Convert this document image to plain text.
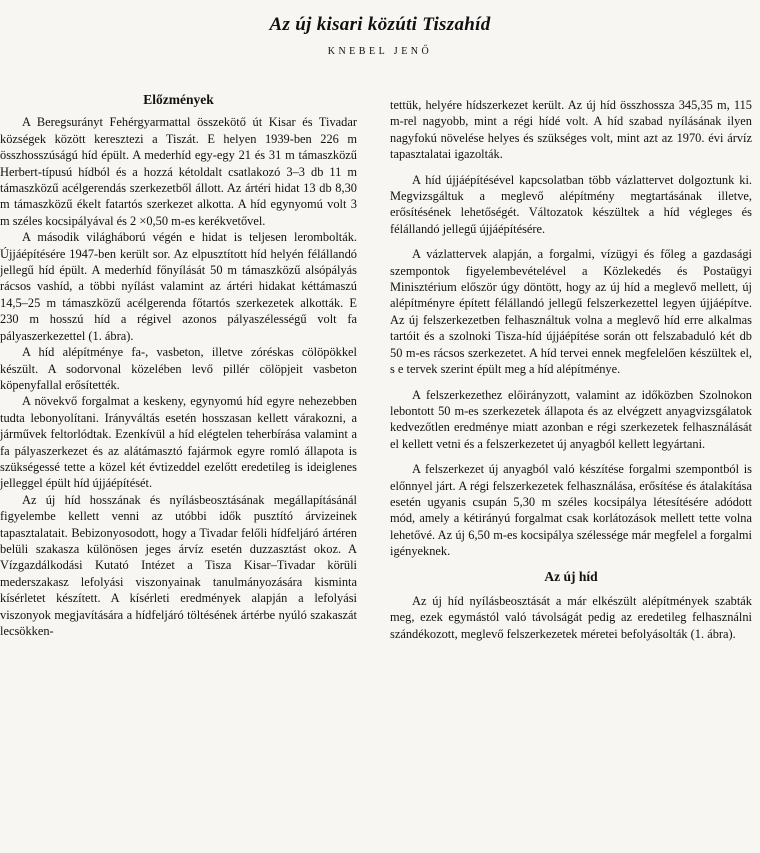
Az új kisari közúti Tiszahíd
KNEBEL JENŐ
Előzmények

A Beregsurányt Fehérgyarmattal összekötő út Kisar és Tivadar községek között keresztezi a Tiszát. E helyen 1939-ben 226 m összhosszúságú híd épült. A mederhíd egy-egy 21 és 31 m támaszközű Herbert-típusú hídból és a hozzá kétoldalt csatlakozó 3–3 db 11 m támaszközű acélgerendás szerkezetből állott. Az ártéri hidat 13 db 8,30 m támaszközű ékelt fatartós szerkezet alkotta. A híd egynyomú volt 3 m széles kocsipályával és 2 ×0,50 m-es kerékvetővel.

A második világháború végén e hidat is teljesen lerombolták. Újjáépítésére 1947-ben került sor. Az elpusztított híd helyén félállandó jellegű híd épült. A mederhíd főnyílását 50 m támaszközű alsópályás rácsos vashíd, a többi nyílást valamint az ártéri hidakat kéttámaszú 14,5–25 m támaszközű acélgerenda főtartós szerkezetek alkották. E 230 m hosszú híd a régivel azonos pályaszélességű volt fa pályaszerkezettel (1. ábra).

A híd alépítménye fa-, vasbeton, illetve zóréskas cölöpökkel készült. A sodorvonal közelében levő pillér cölöpjeit vasbeton köpenyfallal erősítették.

A növekvő forgalmat a keskeny, egynyomú híd egyre nehezebben tudta lebonyolítani. Irányváltás esetén hosszasan kellett várakozni, a járművek feltorlódtak. Ezenkívül a híd elégtelen teherbírása valamint a fa pályaszerkezet és az alátámasztó fajármok egyre romló állapota is szükségessé tette a közel két évtizeddel ezelőtt eredetileg is ideiglenes jelleggel épült híd újjáépítését.

Az új híd hosszának és nyílásbeosztásának megállapításánál figyelembe kellett venni az utóbbi idők pusztító árvizeinek tapasztalatait. Bebizonyosodott, hogy a Tivadar felőli hídfeljáró ártéren belüli szakasza különösen jeges árvíz esetén duzzasztást okoz. A Vízgazdálkodási Kutató Intézet a Tisza Kisar–Tivadar körüli mederszakasz lefolyási viszonyainak tanulmányozására kisminta kísérletet készített. A kísérleti eredmények alapján a lefolyási viszonyok megjavítására a hídfeljáró töltésének ártérbe nyúló szakaszát lecsökken-

tettük, helyére hídszerkezet került. Az új híd összhossza 345,35 m, 115 m-rel nagyobb, mint a régi hídé volt. A híd szabad nyílásának ilyen nagyfokú növelése helyes és szükséges volt, mint azt az 1970. évi árvíz tapasztalatai igazolták.

A híd újjáépítésével kapcsolatban több vázlattervet dolgoztunk ki. Megvizsgáltuk a meglevő alépítmény megtartásának illetve, erősítésének lehetőségét. Változatok készültek a híd végleges és félállandó jellegű újjáépítésére.

A vázlattervek alapján, a forgalmi, vízügyi és főleg a gazdasági szempontok figyelembevételével a Közlekedés és Postaügyi Minisztérium először úgy döntött, hogy az új híd a meglevő mellett, új alépítményre épített félállandó jellegű felszerkezettel legyen újjáépítve. Az új felszerkezetben felhasználtuk volna a meglevő híd erre alkalmas tartóit és a szolnoki Tisza-híd újjáépítése során ott felszabaduló két db 50 m-es rácsos szerkezetet. A híd tervei ennek megfelelően készültek el, s e tervek szerint épült meg a híd alépítménye.

A felszerkezethez előirányzott, valamint az időközben Szolnokon lebontott 50 m-es szerkezetek állapota és az elvégzett anyagvizsgálatok kedvezőtlen eredménye miatt azonban e régi szerkezetek felhasználását el kellett vetni és a felszerkezetet új anyagból kellett legyártani.

A felszerkezet új anyagból való készítése forgalmi szempontból is előnnyel járt. A régi felszerkezetek felhasználása, erősítése és átalakítása esetén ugyanis csupán 5,30 m széles kocsipálya létesítésére adódott mód, amely a kétirányú forgalmat csak korlátozások mellett tette volna lehetővé. Az új 6,50 m-es kocsipálya szélessége már megfelel a forgalmi igényeknek.

Az új híd

Az új híd nyílásbeosztását a már elkészült alépítmények szabták meg, ezek egymástól való távolságát pedig az eredetileg felhasználni szándékozott, meglevő felszerkezetek méretei befolyásolták (1. ábra).
